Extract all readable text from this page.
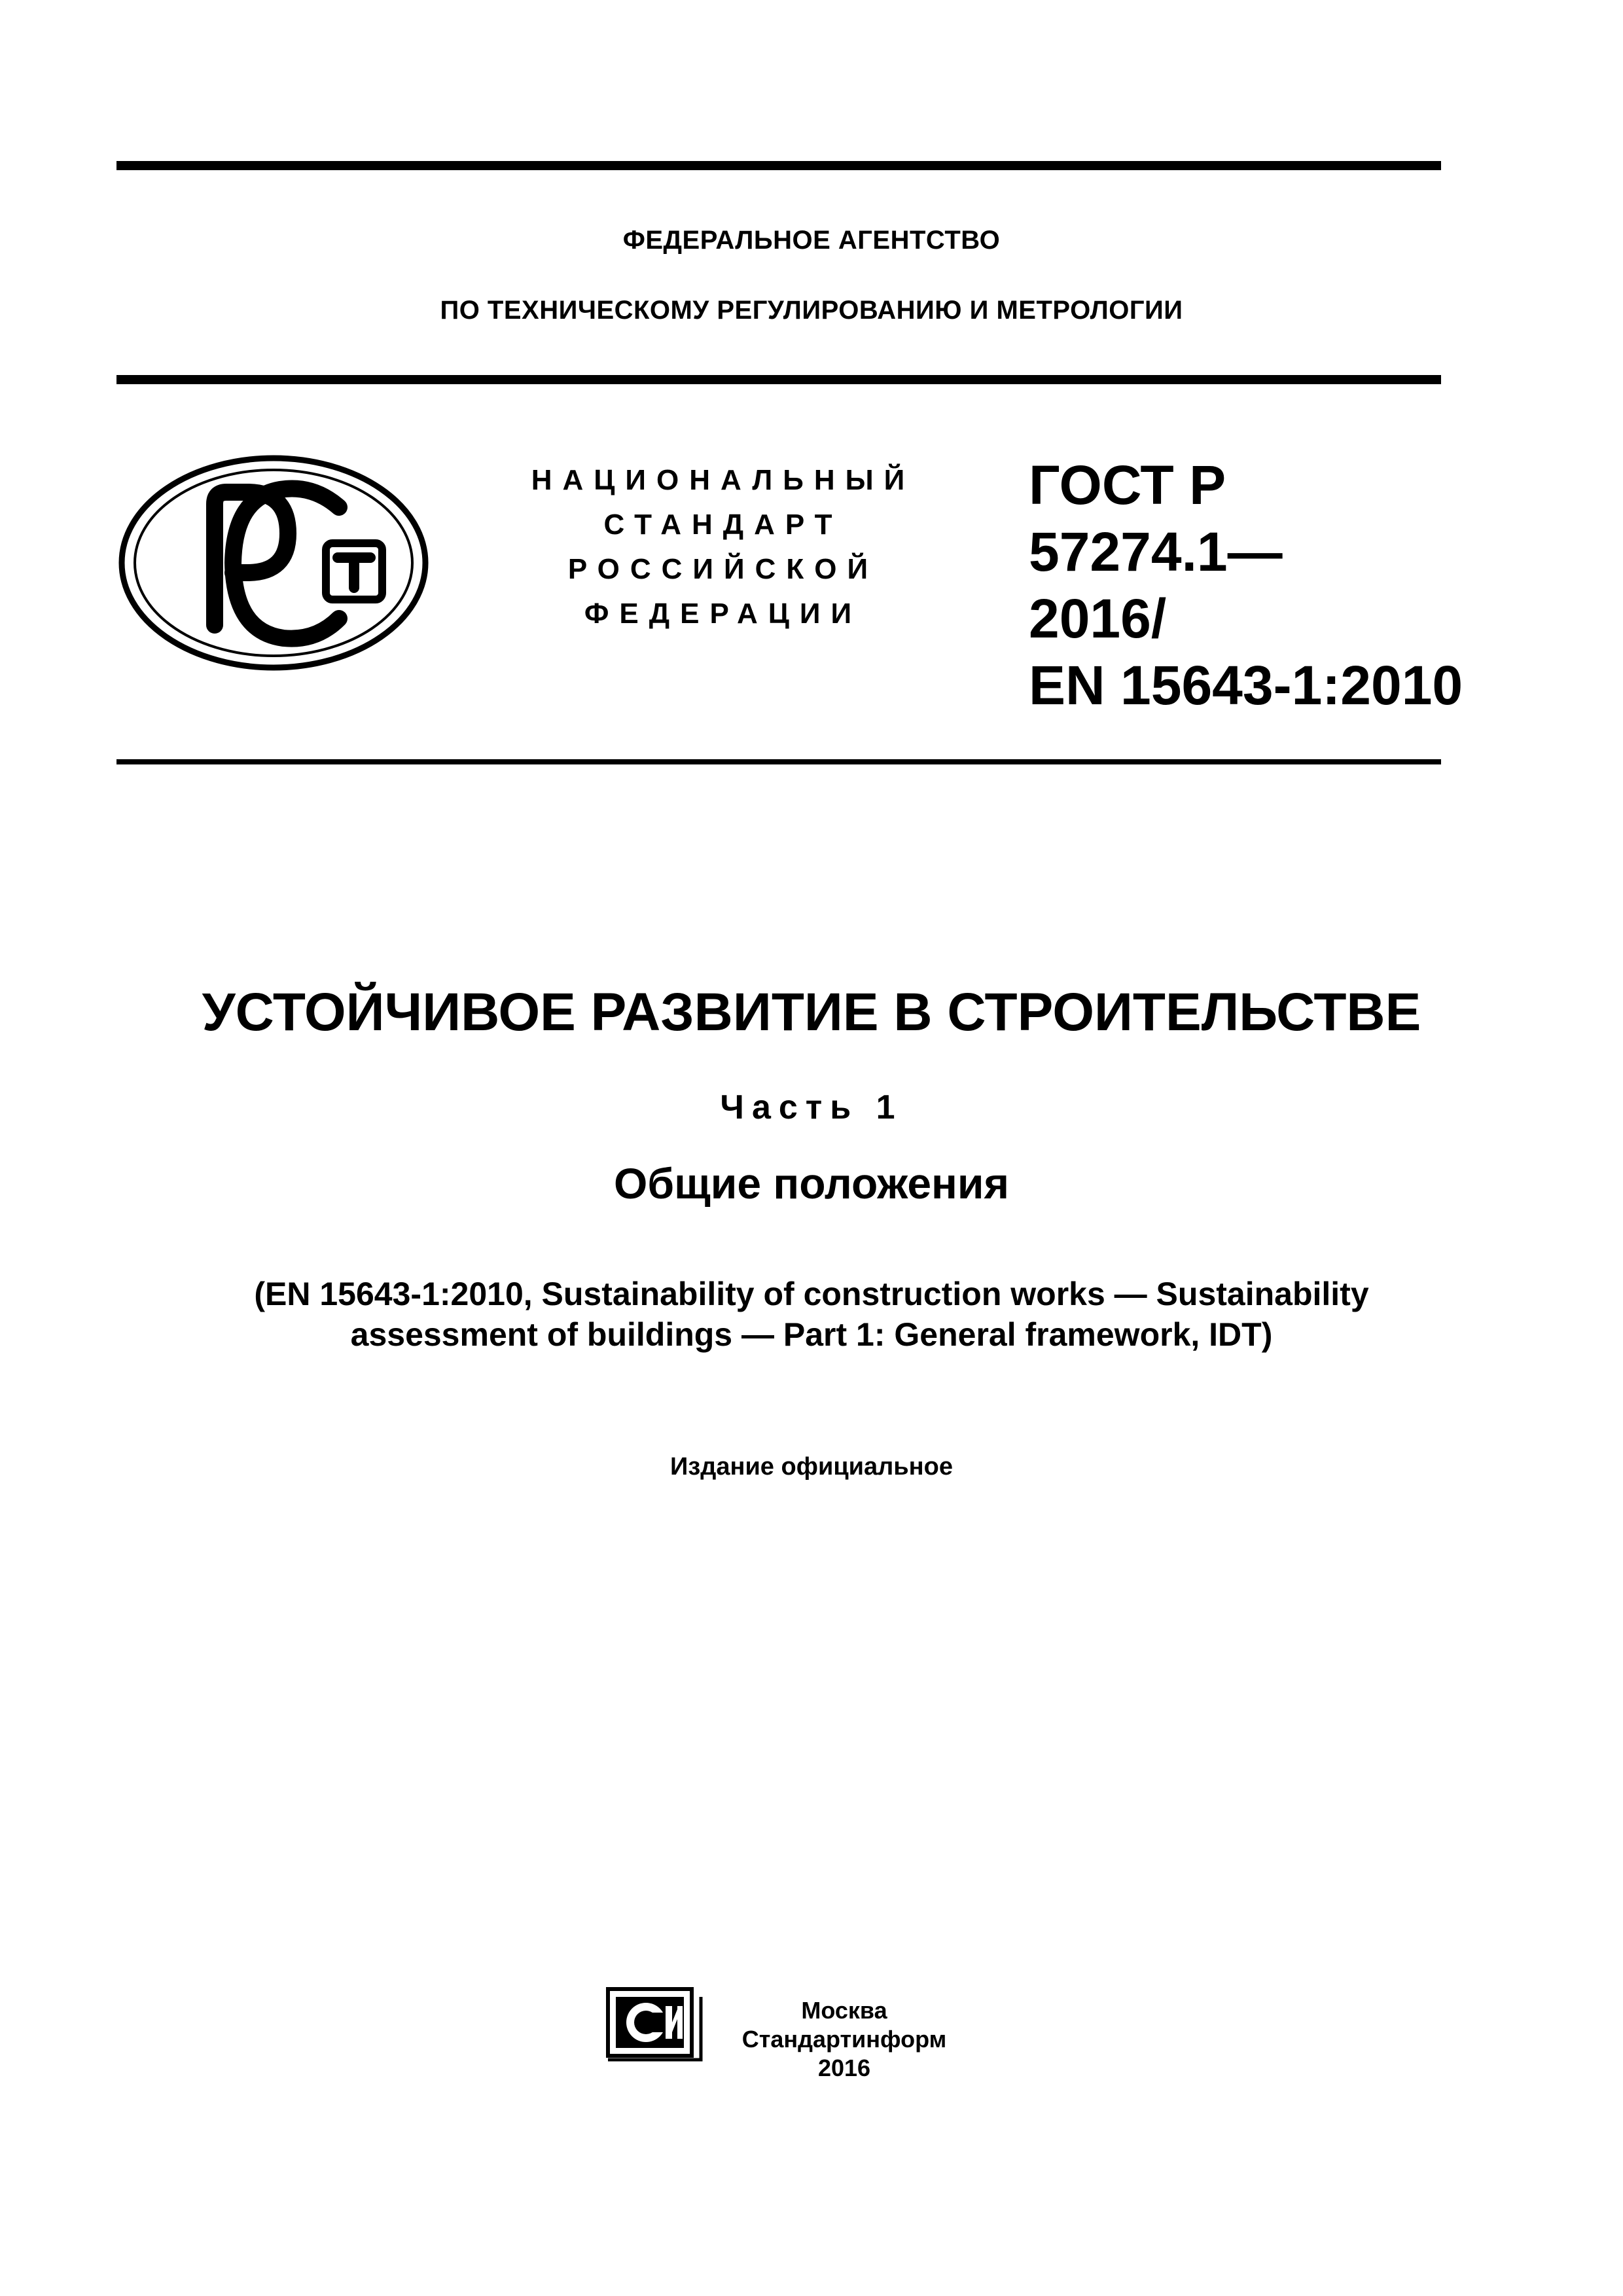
ФЕДЕРАЛЬНОЕ АГЕНТСТВО
ПО ТЕХНИЧЕСКОМУ РЕГУЛИРОВАНИЮ И МЕТРОЛОГИИ
НАЦИОНАЛЬНЫЙ
СТАНДАРТ
РОССИЙСКОЙ
ФЕДЕРАЦИИ
ГОСТ Р
57274.1—
2016/
EN 15643-1:2010
УСТОЙЧИВОЕ РАЗВИТИЕ В СТРОИТЕЛЬСТВЕ
Часть 1
Общие положения
(EN 15643-1:2010, Sustainability of construction works — Sustainability
assessment of buildings — Part 1: General framework, IDT)
Издание официальное
Москва
Стандартинформ
2016
